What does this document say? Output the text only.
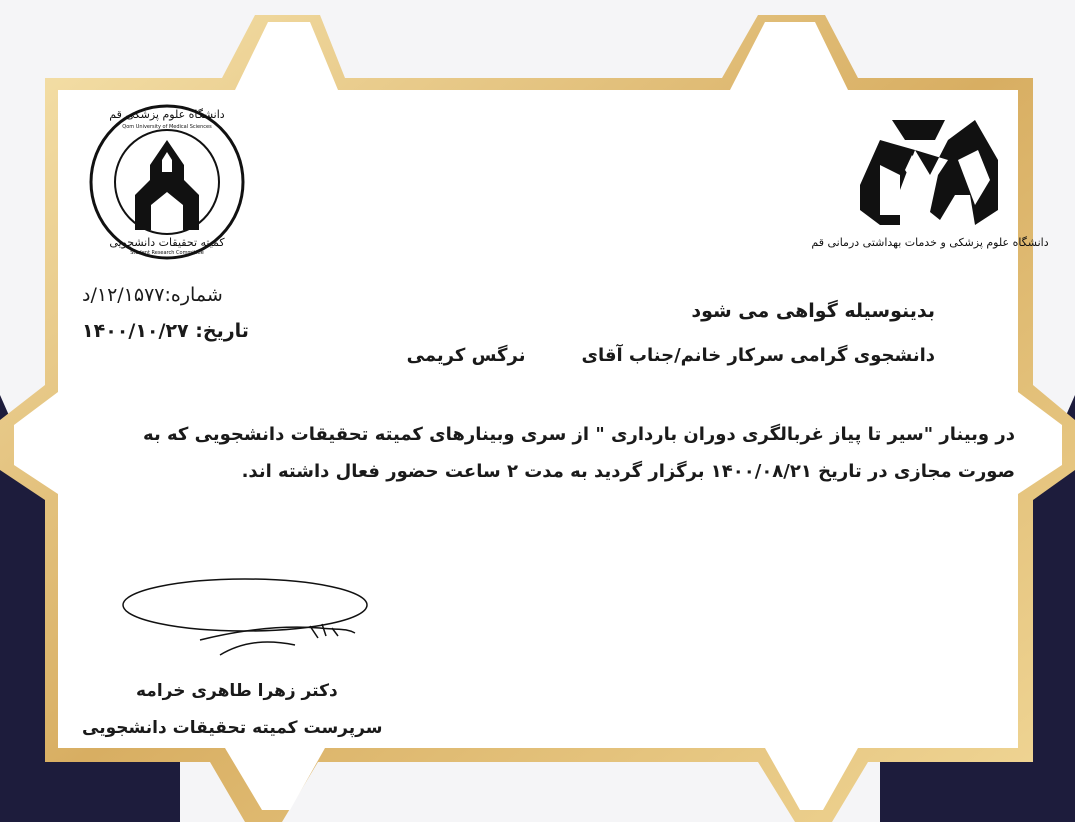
دانشگاه علوم پزشکی و خدمات بهداشتی درمانی قم
دانشگاه علوم پزشکی قم
Qom University of Medical Sciences
کمیته تحقیقات دانشجویی
Student Research Committee
بدینوسیله گواهی می شود
دانشجوی گرامی سرکار خانم/جناب آقاینرگس کریمی
شماره:۱۲/۱۵۷۷/د
تاریخ: ۱۴۰۰/۱۰/۲۷
در وبینار "سیر تا پیاز غربالگری دوران بارداری " از سری وبینارهای کمیته تحقیقات دانشجویی که به
صورت مجازی در تاریخ ۱۴۰۰/۰۸/۲۱ برگزار گردید به مدت ۲ ساعت حضور فعال داشته اند.
دکتر زهرا طاهری خرامه
سرپرست کمیته تحقیقات دانشجویی
